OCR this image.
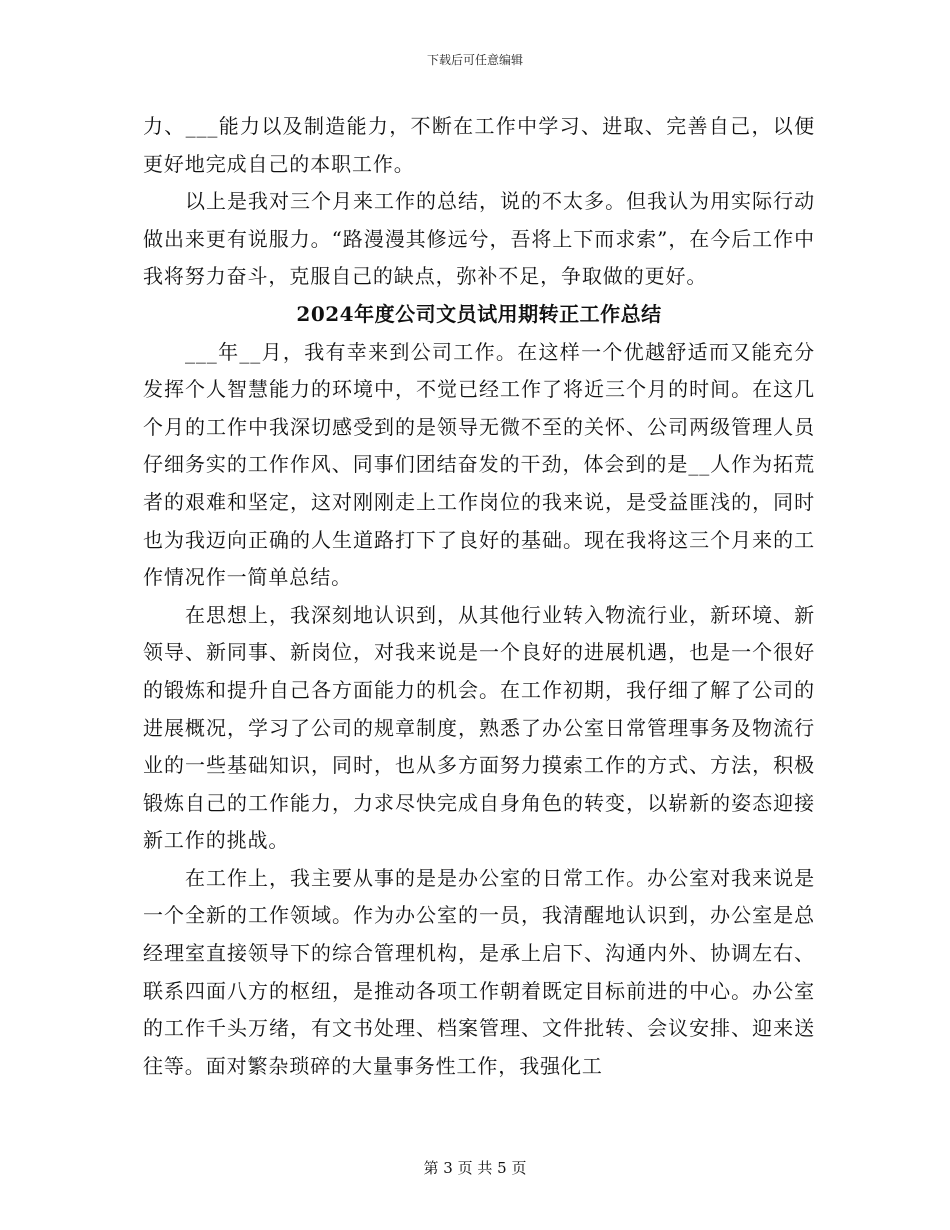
下载后可任意编辑

力、___能力以及制造能力，不断在工作中学习、进取、完善自己，以便更好地完成自己的本职工作。

以上是我对三个月来工作的总结，说的不太多。但我认为用实际行动做出来更有说服力。“路漫漫其修远兮，吾将上下而求索”，在今后工作中我将努力奋斗，克服自己的缺点，弥补不足，争取做的更好。

2024年度公司文员试用期转正工作总结

___年__月，我有幸来到公司工作。在这样一个优越舒适而又能充分发挥个人智慧能力的环境中，不觉已经工作了将近三个月的时间。在这几个月的工作中我深切感受到的是领导无微不至的关怀、公司两级管理人员仔细务实的工作作风、同事们团结奋发的干劲，体会到的是__人作为拓荒者的艰难和坚定，这对刚刚走上工作岗位的我来说，是受益匪浅的，同时也为我迈向正确的人生道路打下了良好的基础。现在我将这三个月来的工作情况作一简单总结。

在思想上，我深刻地认识到，从其他行业转入物流行业，新环境、新领导、新同事、新岗位，对我来说是一个良好的进展机遇，也是一个很好的锻炼和提升自己各方面能力的机会。在工作初期，我仔细了解了公司的进展概况，学习了公司的规章制度，熟悉了办公室日常管理事务及物流行业的一些基础知识，同时，也从多方面努力摸索工作的方式、方法，积极锻炼自己的工作能力，力求尽快完成自身角色的转变，以崭新的姿态迎接新工作的挑战。

在工作上，我主要从事的是是办公室的日常工作。办公室对我来说是一个全新的工作领域。作为办公室的一员，我清醒地认识到，办公室是总经理室直接领导下的综合管理机构，是承上启下、沟通内外、协调左右、联系四面八方的枢纽，是推动各项工作朝着既定目标前进的中心。办公室的工作千头万绪，有文书处理、档案管理、文件批转、会议安排、迎来送往等。面对繁杂琐碎的大量事务性工作，我强化工

第 3 页 共 5 页
